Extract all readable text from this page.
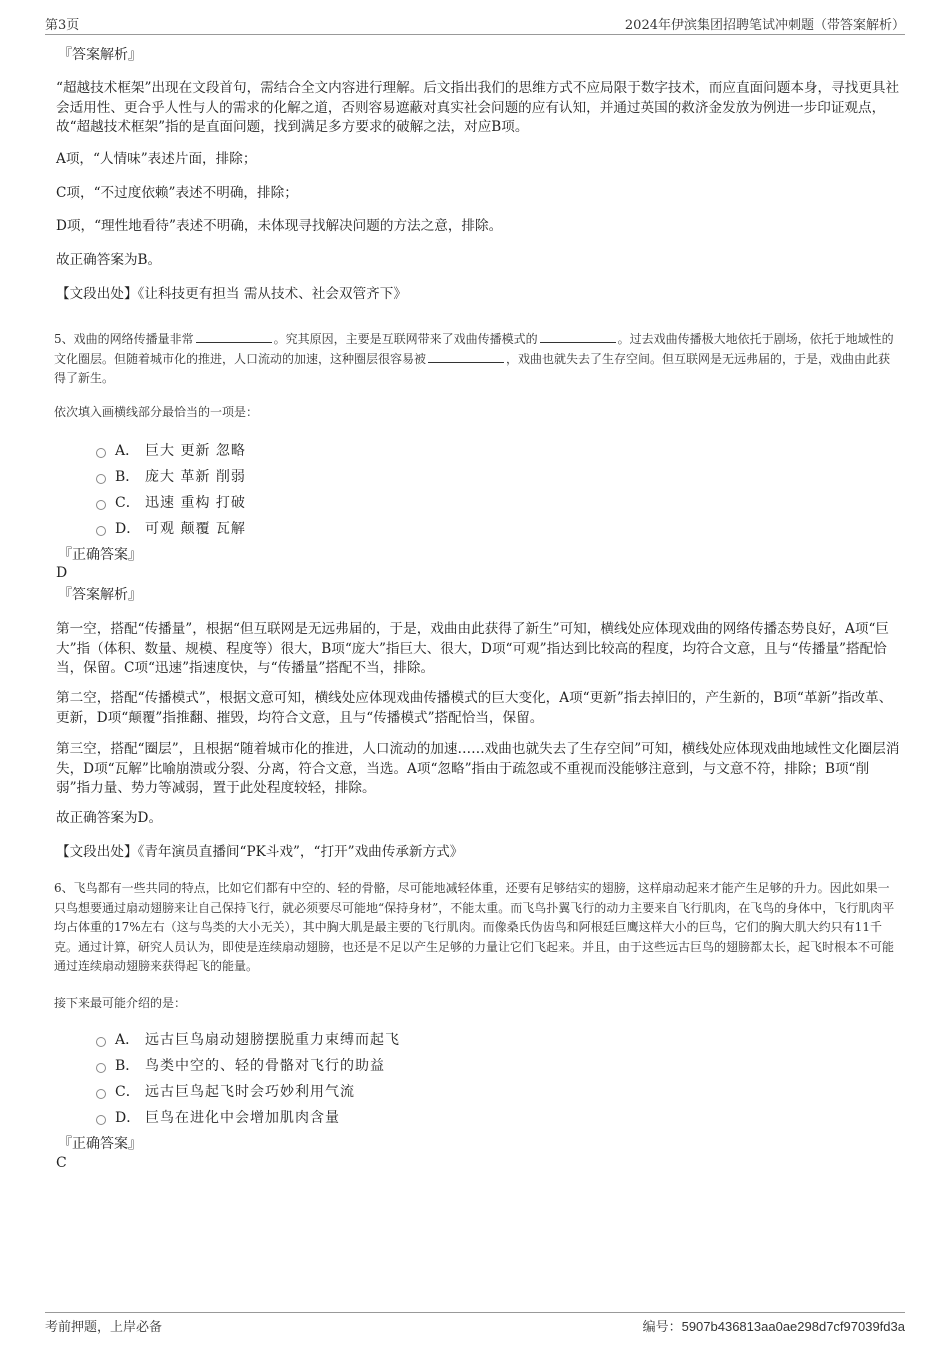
第3页	2024年伊滨集团招聘笔试冲刺题（带答案解析）

『答案解析』

“超越技术框架”出现在文段首句，需结合全文内容进行理解。后文指出我们的思维方式不应局限于数字技术，而应直面问题本身，寻找更具社会适用性、更合乎人性与人的需求的化解之道，否则容易遮蔽对真实社会问题的应有认知，并通过英国的救济金发放为例进一步印证观点，故“超越技术框架”指的是直面问题，找到满足多方要求的破解之法，对应B项。

A项，“人情味”表述片面，排除；

C项，“不过度依赖”表述不明确，排除；

D项，“理性地看待”表述不明确，未体现寻找解决问题的方法之意，排除。

故正确答案为B。

【文段出处】《让科技更有担当 需从技术、社会双管齐下》

5、戏曲的网络传播量非常	。究其原因，主要是互联网带来了戏曲传播模式的	。过去戏曲传播极大地依托于剧场，依托于地域性的文化圈层。但随着城市化的推进，人口流动的加速，这种圈层很容易被	，戏曲也就失去了生存空间。但互联网是无远弗届的，于是，戏曲由此获得了新生。

依次填入画横线部分最恰当的一项是：

A． 巨大 更新 忽略
B． 庞大 革新 削弱
C． 迅速 重构 打破
D． 可观 颠覆 瓦解

『正确答案』

D

『答案解析』

第一空，搭配“传播量”，根据“但互联网是无远弗届的，于是，戏曲由此获得了新生”可知，横线处应体现戏曲的网络传播态势良好，A项“巨大”指（体积、数量、规模、程度等）很大，B项“庞大”指巨大、很大，D项“可观”指达到比较高的程度，均符合文意，且与“传播量”搭配恰当，保留。C项“迅速”指速度快，与“传播量”搭配不当，排除。

第二空，搭配“传播模式”，根据文意可知，横线处应体现戏曲传播模式的巨大变化，A项“更新”指去掉旧的，产生新的，B项“革新”指改革、更新，D项“颠覆”指推翻、摧毁，均符合文意，且与“传播模式”搭配恰当，保留。

第三空，搭配“圈层”，且根据“随着城市化的推进，人口流动的加速……戏曲也就失去了生存空间”可知，横线处应体现戏曲地域性文化圈层消失，D项“瓦解”比喻崩溃或分裂、分离，符合文意，当选。A项“忽略”指由于疏忽或不重视而没能够注意到，与文意不符，排除；B项“削弱”指力量、势力等减弱，置于此处程度较轻，排除。

故正确答案为D。

【文段出处】《青年演员直播间“PK斗戏”，“打开”戏曲传承新方式》

6、飞鸟都有一些共同的特点，比如它们都有中空的、轻的骨骼，尽可能地减轻体重，还要有足够结实的翅膀，这样扇动起来才能产生足够的升力。因此如果一只鸟想要通过扇动翅膀来让自己保持飞行，就必须要尽可能地“保持身材”，不能太重。而飞鸟扑翼飞行的动力主要来自飞行肌肉，在飞鸟的身体中，飞行肌肉平均占体重的17%左右（这与鸟类的大小无关），其中胸大肌是最主要的飞行肌肉。而像桑氏伪齿鸟和阿根廷巨鹰这样大小的巨鸟，它们的胸大肌大约只有11千克。通过计算，研究人员认为，即使是连续扇动翅膀，也还是不足以产生足够的力量让它们飞起来。并且，由于这些远古巨鸟的翅膀都太长，起飞时根本不可能通过连续扇动翅膀来获得起飞的能量。

接下来最可能介绍的是：

A． 远古巨鸟扇动翅膀摆脱重力束缚而起飞
B． 鸟类中空的、轻的骨骼对飞行的助益
C． 远古巨鸟起飞时会巧妙利用气流
D． 巨鸟在进化中会增加肌肉含量

『正确答案』

C
考前押题，上岸必备	编号：5907b436813aa0ae298d7cf97039fd3a
